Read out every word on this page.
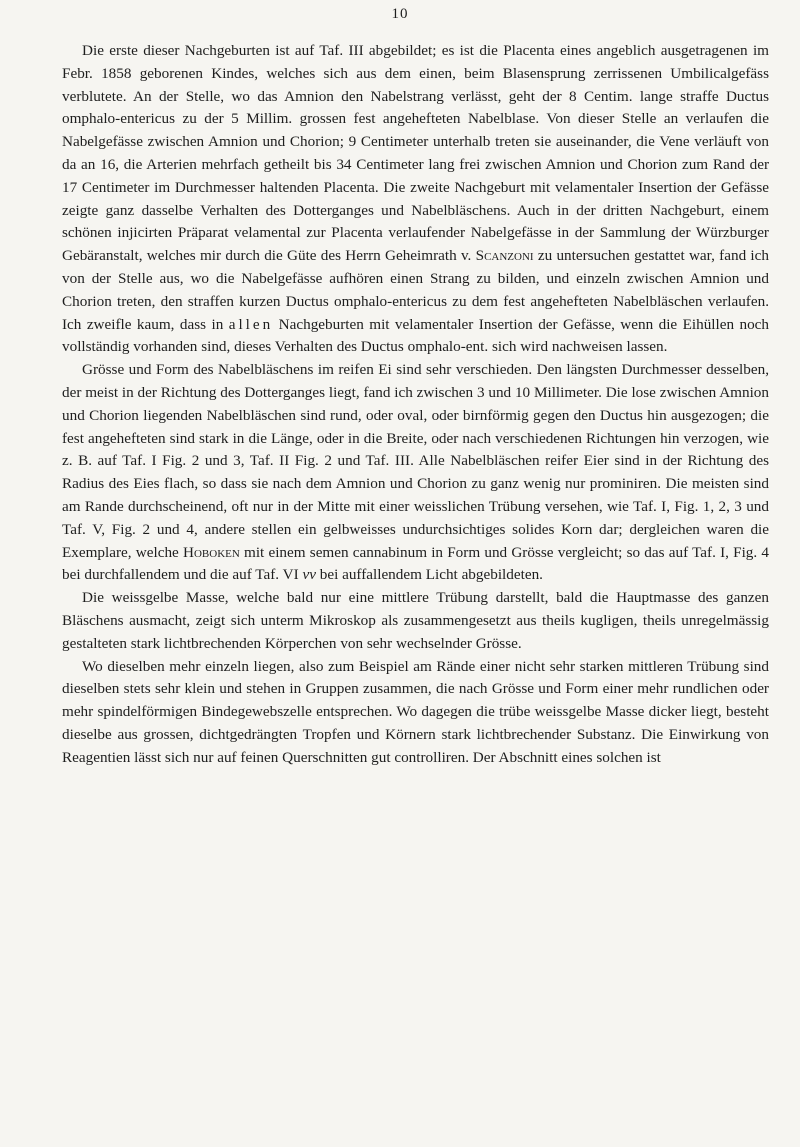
10

Die erste dieser Nachgeburten ist auf Taf. III abgebildet; es ist die Placenta eines angeblich ausgetragenen im Febr. 1858 geborenen Kindes, welches sich aus dem einen, beim Blasensprung zerrissenen Umbilicalgefäss verblutete. An der Stelle, wo das Amnion den Nabelstrang verlässt, geht der 8 Centim. lange straffe Ductus omphalo-entericus zu der 5 Millim. grossen fest angehefteten Nabelblase. Von dieser Stelle an verlaufen die Nabelgefässe zwischen Amnion und Chorion; 9 Centimeter unterhalb treten sie auseinander, die Vene verläuft von da an 16, die Arterien mehrfach getheilt bis 34 Centimeter lang frei zwischen Amnion und Chorion zum Rand der 17 Centimeter im Durchmesser haltenden Placenta. Die zweite Nachgeburt mit velamentaler Insertion der Gefässe zeigte ganz dasselbe Verhalten des Dotterganges und Nabelbläschens. Auch in der dritten Nachgeburt, einem schönen injicirten Präparat velamental zur Placenta verlaufender Nabelgefässe in der Sammlung der Würzburger Gebäranstalt, welches mir durch die Güte des Herrn Geheimrath v. Scanzoni zu untersuchen gestattet war, fand ich von der Stelle aus, wo die Nabelgefässe aufhören einen Strang zu bilden, und einzeln zwischen Amnion und Chorion treten, den straffen kurzen Ductus omphalo-entericus zu dem fest angehefteten Nabelbläschen verlaufen. Ich zweifle kaum, dass in allen Nachgeburten mit velamentaler Insertion der Gefässe, wenn die Eihüllen noch vollständig vorhanden sind, dieses Verhalten des Ductus omphalo-ent. sich wird nachweisen lassen.

Grösse und Form des Nabelbläschens im reifen Ei sind sehr verschieden. Den längsten Durchmesser desselben, der meist in der Richtung des Dotterganges liegt, fand ich zwischen 3 und 10 Millimeter. Die lose zwischen Amnion und Chorion liegenden Nabelbläschen sind rund, oder oval, oder birnförmig gegen den Ductus hin ausgezogen; die fest angehefteten sind stark in die Länge, oder in die Breite, oder nach verschiedenen Richtungen hin verzogen, wie z. B. auf Taf. I Fig. 2 und 3, Taf. II Fig. 2 und Taf. III. Alle Nabelbläschen reifer Eier sind in der Richtung des Radius des Eies flach, so dass sie nach dem Amnion und Chorion zu ganz wenig nur prominiren. Die meisten sind am Rande durchscheinend, oft nur in der Mitte mit einer weisslichen Trübung versehen, wie Taf. I, Fig. 1, 2, 3 und Taf. V, Fig. 2 und 4, andere stellen ein gelbweisses undurchsichtiges solides Korn dar; dergleichen waren die Exemplare, welche Hoboken mit einem semen cannabinum in Form und Grösse vergleicht; so das auf Taf. I, Fig. 4 bei durchfallendem und die auf Taf. VI vv bei auffallendem Licht abgebildeten.

Die weissgelbe Masse, welche bald nur eine mittlere Trübung darstellt, bald die Hauptmasse des ganzen Bläschens ausmacht, zeigt sich unterm Mikroskop als zusammengesetzt aus theils kugligen, theils unregelmässig gestalteten stark lichtbrechenden Körperchen von sehr wechselnder Grösse.

Wo dieselben mehr einzeln liegen, also zum Beispiel am Rände einer nicht sehr starken mittleren Trübung sind dieselben stets sehr klein und stehen in Gruppen zusammen, die nach Grösse und Form einer mehr rundlichen oder mehr spindelförmigen Bindegewebszelle entsprechen. Wo dagegen die trübe weissgelbe Masse dicker liegt, besteht dieselbe aus grossen, dichtgedrängten Tropfen und Körnern stark lichtbrechender Substanz. Die Einwirkung von Reagentien lässt sich nur auf feinen Querschnitten gut controlliren. Der Abschnitt eines solchen ist
